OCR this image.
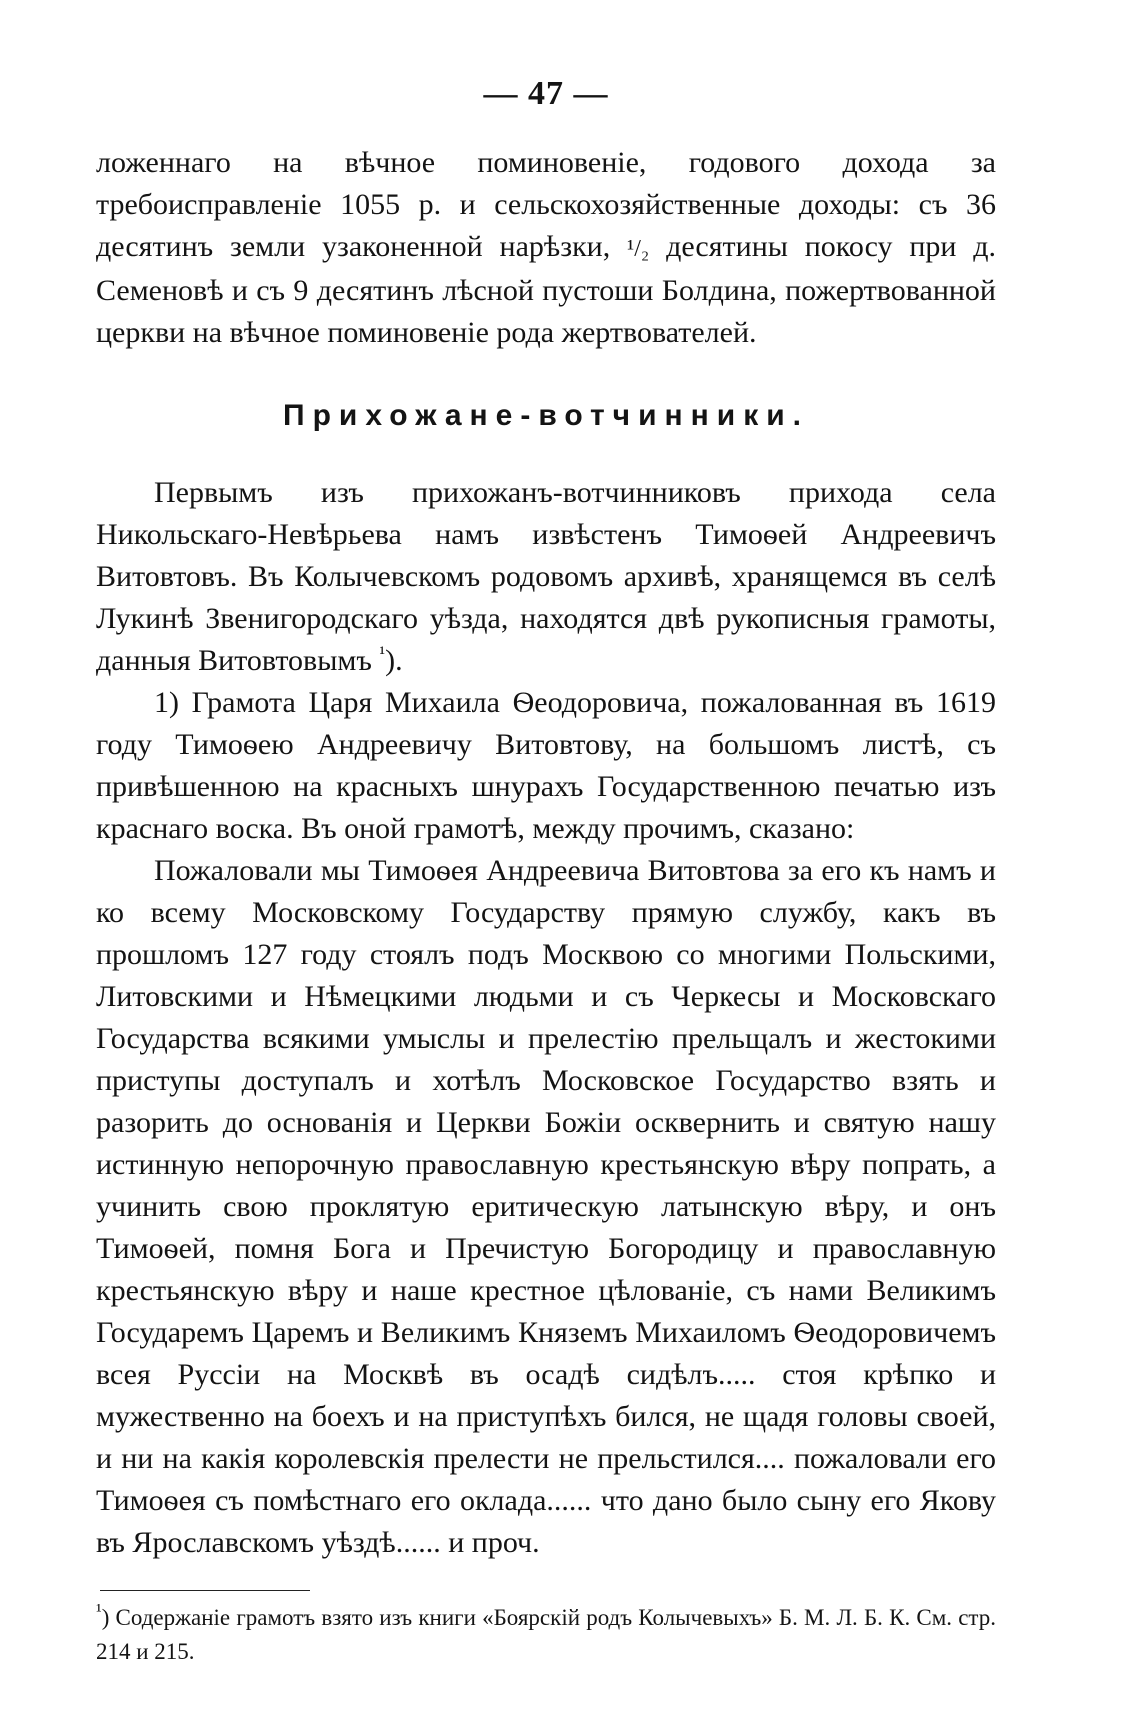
— 47 —

ложеннаго на вѣчное поминовеніе, годового дохода за требоисправленіе 1055 р. и сельскохозяйственные доходы: съ 36 десятинъ земли узаконенной нарѣзки, ¹/₂ десятины покосу при д. Семеновѣ и съ 9 десятинъ лѣсной пустоши Болдина, пожертвованной церкви на вѣчное поминовеніе рода жертвователей.

Прихожане-вотчинники.

Первымъ изъ прихожанъ-вотчинниковъ прихода села Никольскаго-Невѣрьева намъ извѣстенъ Тимоѳей Андреевичъ Витовтовъ. Въ Колычевскомъ родовомъ архивѣ, хранящемся въ селѣ Лукинѣ Звенигородскаго уѣзда, находятся двѣ рукописныя грамоты, данныя Витовтовымъ $^{^1}$).

1) Грамота Царя Михаила Ѳеодоровича, пожалованная въ 1619 году Тимоѳею Андреевичу Витовтову, на большомъ листѣ, съ привѣшенною на красныхъ шнурахъ Государственною печатью изъ краснаго воска. Въ оной грамотѣ, между прочимъ, сказано:

Пожаловали мы Тимоѳея Андреевича Витовтова за его къ намъ и ко всему Московскому Государству прямую службу, какъ въ прошломъ 127 году стоялъ подъ Москвою со многими Польскими, Литовскими и Нѣмецкими людьми и съ Черкесы и Московскаго Государства всякими умыслы и прелестію прельщалъ и жестокими приступы доступалъ и хотѣлъ Московское Государство взять и разорить до основанія и Церкви Божіи осквернить и святую нашу истинную непорочную православную крестьянскую вѣру попрать, а учинить свою проклятую еритическую латынскую вѣру, и онъ Тимоѳей, помня Бога и Пречистую Богородицу и православную крестьянскую вѣру и наше крестное цѣлованіе, съ нами Великимъ Государемъ Царемъ и Великимъ Княземъ Михаиломъ Ѳеодоровичемъ всея Руссіи на Москвѣ въ осадѣ сидѣлъ..... стоя крѣпко и мужественно на боехъ и на приступѣхъ бился, не щадя головы своей, и ни на какія королевскія прелести не прельстился.... пожаловали его Тимоѳея съ помѣстнаго его оклада...... что дано было сыну его Якову въ Ярославскомъ уѣздѣ...... и проч.

$^{^1}$) Содержаніе грамотъ взято изъ книги «Боярскій родъ Колычевыхъ» Б. М. Л. Б. К. См. стр. 214 и 215.
